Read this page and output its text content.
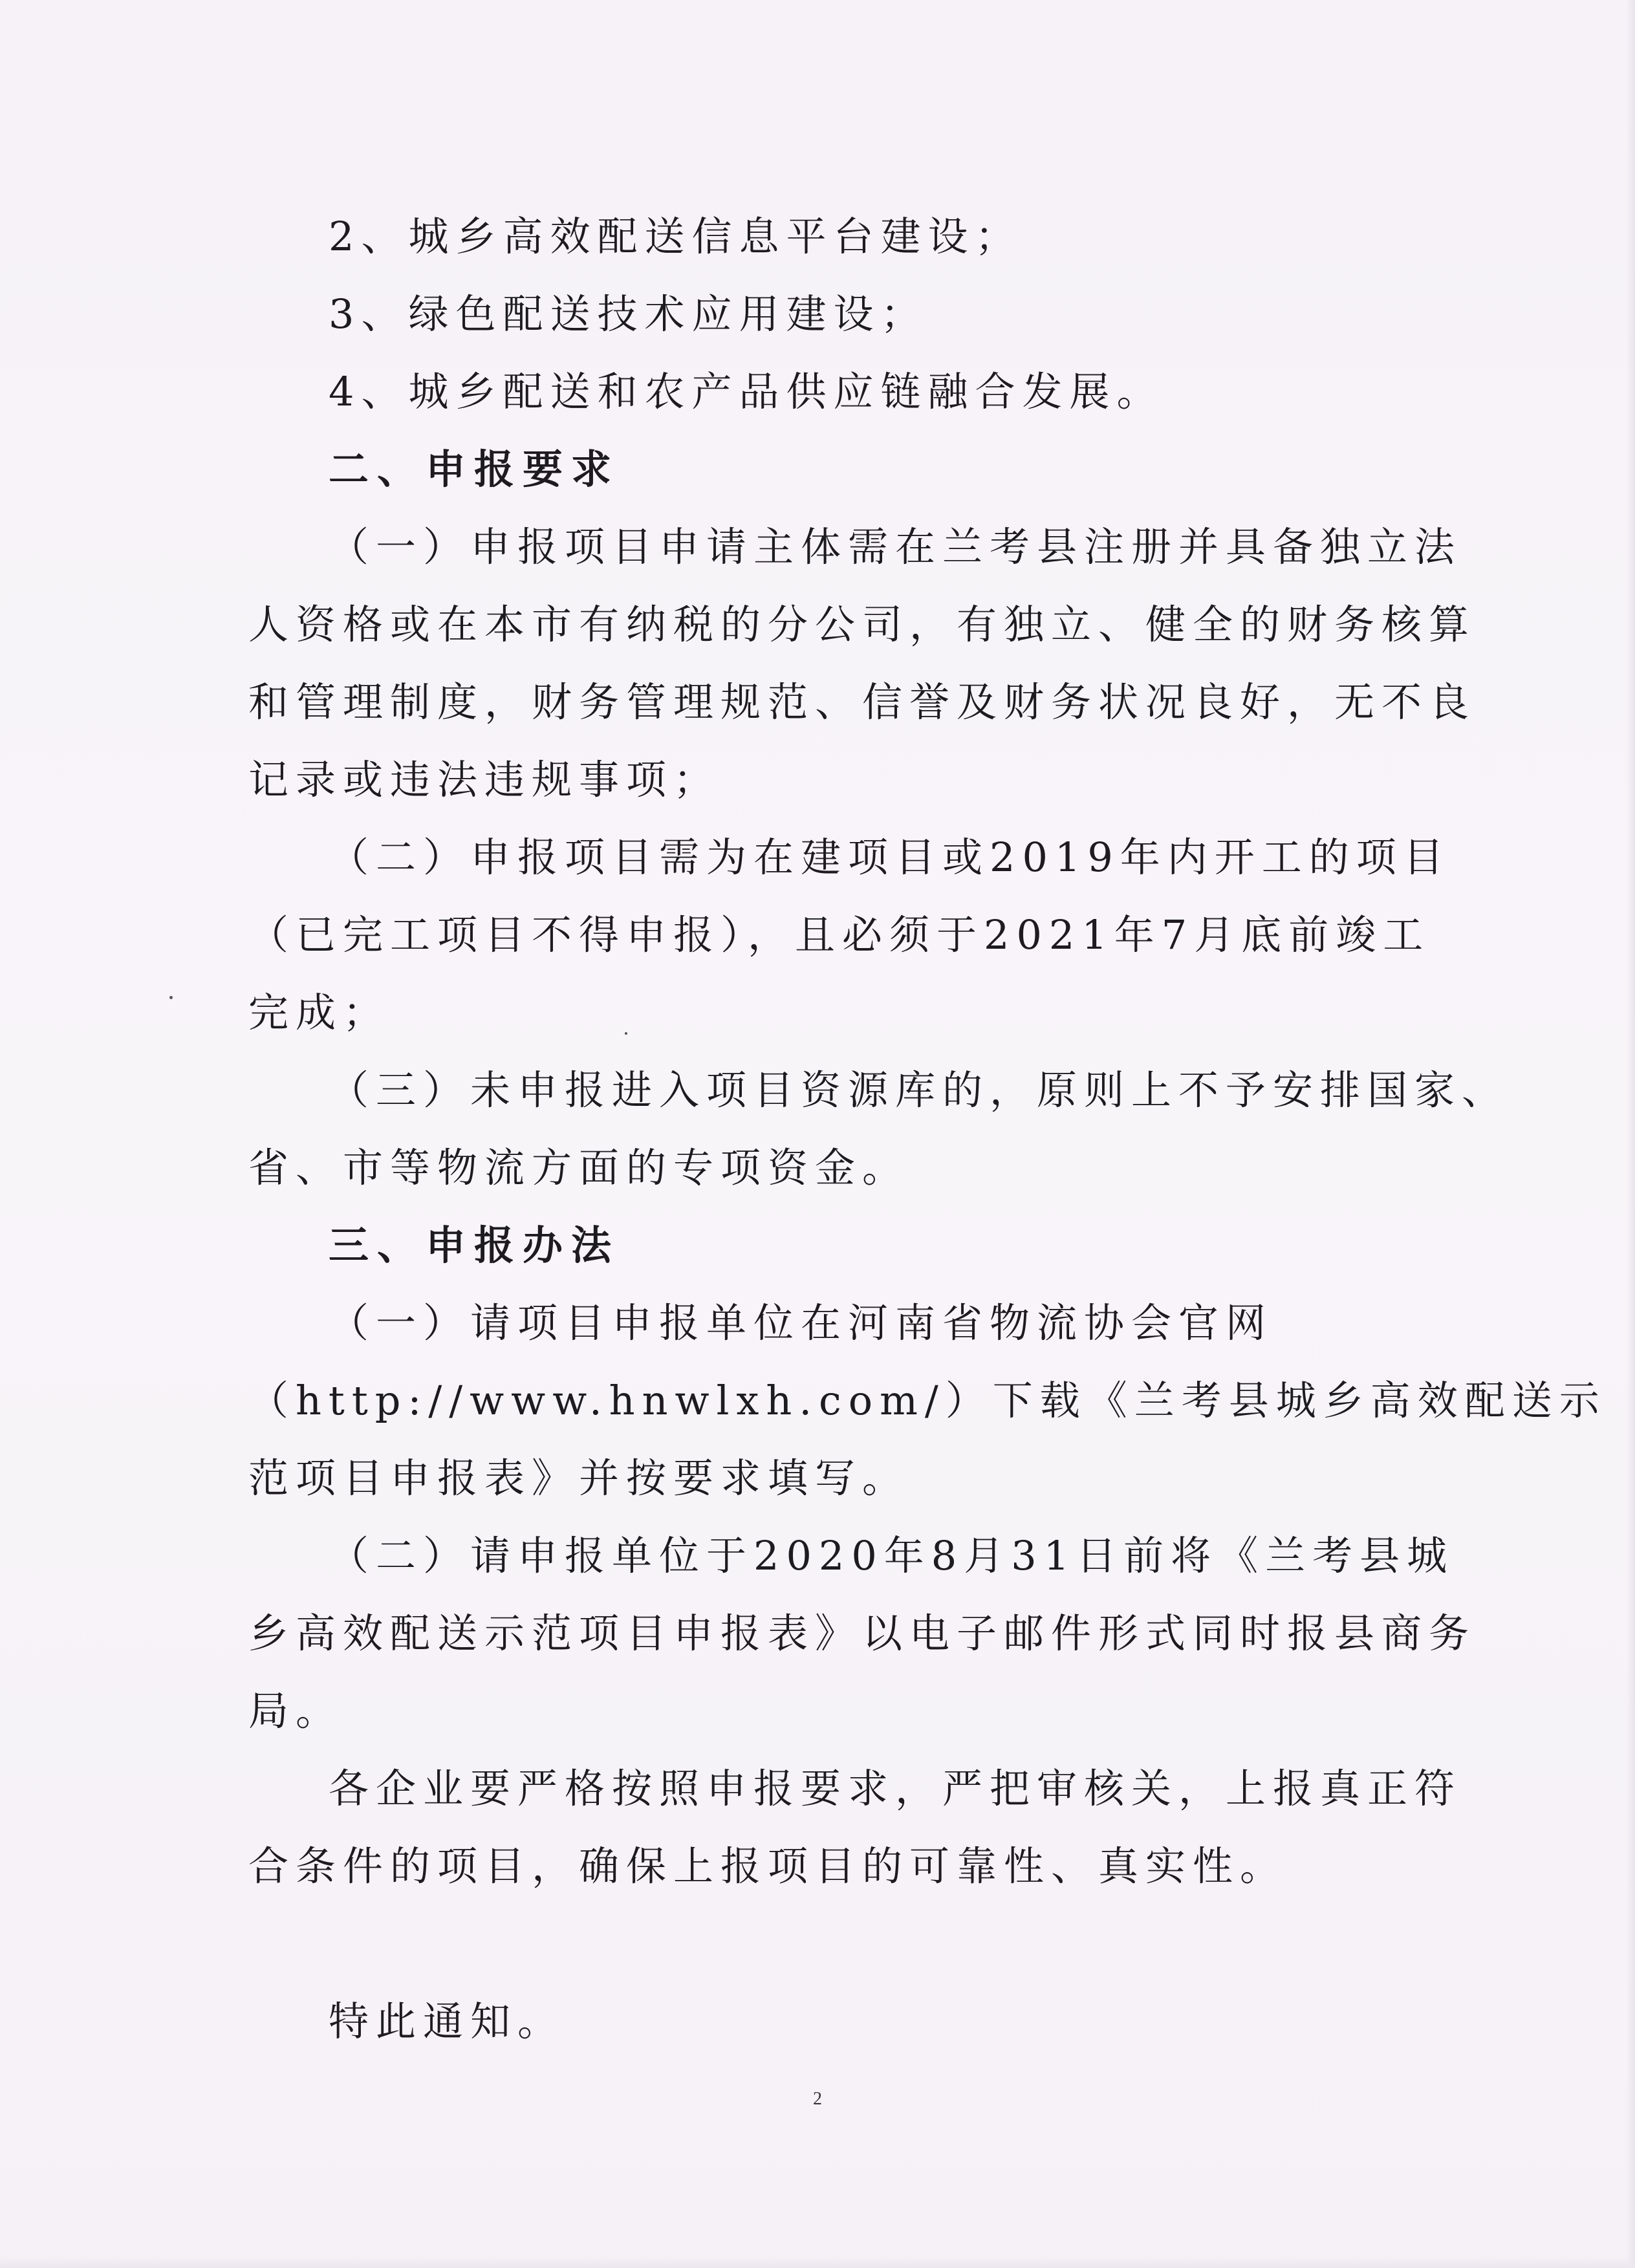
2、城乡高效配送信息平台建设；

3、绿色配送技术应用建设；

4、城乡配送和农产品供应链融合发展。

二、申报要求

（一）申报项目申请主体需在兰考县注册并具备独立法

人资格或在本市有纳税的分公司，有独立、健全的财务核算

和管理制度，财务管理规范、信誉及财务状况良好，无不良

记录或违法违规事项；

（二）申报项目需为在建项目或2019年内开工的项目

（已完工项目不得申报），且必须于2021年7月底前竣工

完成；

（三）未申报进入项目资源库的，原则上不予安排国家、

省、市等物流方面的专项资金。

三、申报办法

（一）请项目申报单位在河南省物流协会官网

（http://www.hnwlxh.com/）下载《兰考县城乡高效配送示

范项目申报表》并按要求填写。

（二）请申报单位于2020年8月31日前将《兰考县城

乡高效配送示范项目申报表》以电子邮件形式同时报县商务

局。

各企业要严格按照申报要求，严把审核关，上报真正符

合条件的项目，确保上报项目的可靠性、真实性。

特此通知。

2
